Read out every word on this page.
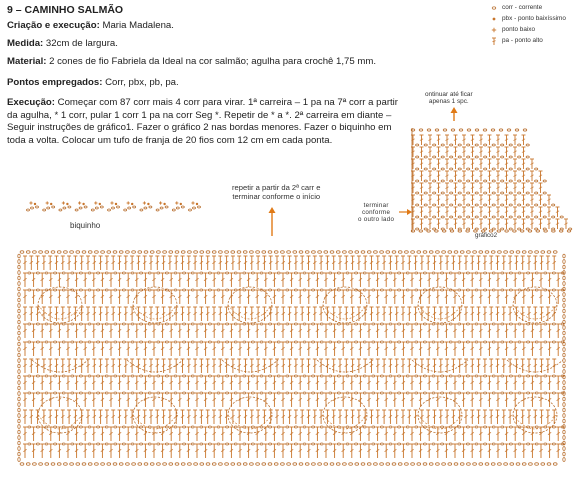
9 – CAMINHO SALMÃO
Criação e execução: Maria Madalena.
Medida: 32cm de largura.
Material: 2 cones de fio Fabriela da Ideal na cor salmão; agulha para crochê 1,75 mm.
Pontos empregados: Corr, pbx, pb, pa.
Execução: Começar com 87 corr mais 4 corr para virar. 1ª carreira – 1 pa na 7ª corr a partir da agulha, * 1 corr, pular 1 corr 1 pa na corr Seg *. Repetir de * a *. 2ª carreira em diante – Seguir instruções de gráfico1. Fazer o gráfico 2 nas bordas menores. Fazer o biquinho em toda a volta. Colocar um tufo de franja de 20 fios com 12 cm em cada ponta.
corr - corrente
pbx - ponto baixíssimo
ponto baixo
pa - ponto alto
biquinho
repetir a partir da 2ª carr e
terminar conforme o início
ontinuar até ficar
apenas 1 spc.
terminar
conforme
o outro lado
gráfico2
